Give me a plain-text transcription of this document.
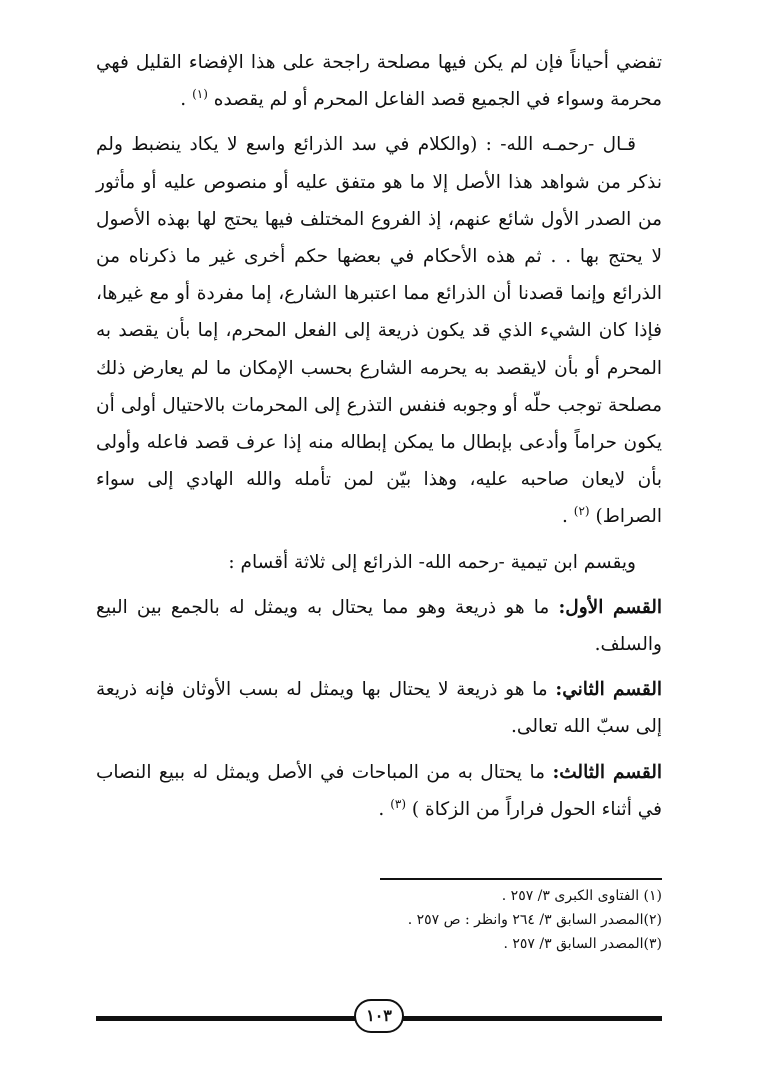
تفضي أحياناً فإن لم يكن فيها مصلحة راجحة على هذا الإفضاء القليل فهي محرمة وسواء في الجميع قصد الفاعل المحرم أو لم يقصده $^{(١)}$ .

قـال -رحمـه الله- : (والكلام في سد الذرائع واسع لا يكاد ينضبط ولم نذكر من شواهد هذا الأصل إلا ما هو متفق عليه أو منصوص عليه أو مأثور من الصدر الأول شائع عنهم، إذ الفروع المختلف فيها يحتج لها بهذه الأصول لا يحتج بها . . ثم هذه الأحكام في بعضها حكم أخرى غير ما ذكرناه من الذرائع وإنما قصدنا أن الذرائع مما اعتبرها الشارع، إما مفردة أو مع غيرها، فإذا كان الشيء الذي قد يكون ذريعة إلى الفعل المحرم، إما بأن يقصد به المحرم أو بأن لايقصد به يحرمه الشارع بحسب الإمكان ما لم يعارض ذلك مصلحة توجب حلّه أو وجوبه فنفس التذرع إلى المحرمات بالاحتيال أولى أن يكون حراماً وأدعى بإبطال ما يمكن إبطاله منه إذا عرف قصد فاعله وأولى بأن لايعان صاحبه عليه، وهذا بيّن لمن تأمله والله الهادي إلى سواء الصراط) $^{(٢)}$ .

ويقسم ابن تيمية -رحمه الله- الذرائع إلى ثلاثة أقسام :

القسم الأول: ما هو ذريعة وهو مما يحتال به ويمثل له بالجمع بين البيع والسلف.

القسم الثاني: ما هو ذريعة لا يحتال بها ويمثل له بسب الأوثان فإنه ذريعة إلى سبّ الله تعالى.

القسم الثالث: ما يحتال به من المباحات في الأصل ويمثل له ببيع النصاب في أثناء الحول فراراً من الزكاة ) $^{(٣)}$ .

(١) الفتاوى الكبرى ٣/ ٢٥٧ .
(٢)المصدر السابق ٣/ ٢٦٤ وانظر : ص ٢٥٧ .
(٣)المصدر السابق ٣/ ٢٥٧ .
١٠٣
